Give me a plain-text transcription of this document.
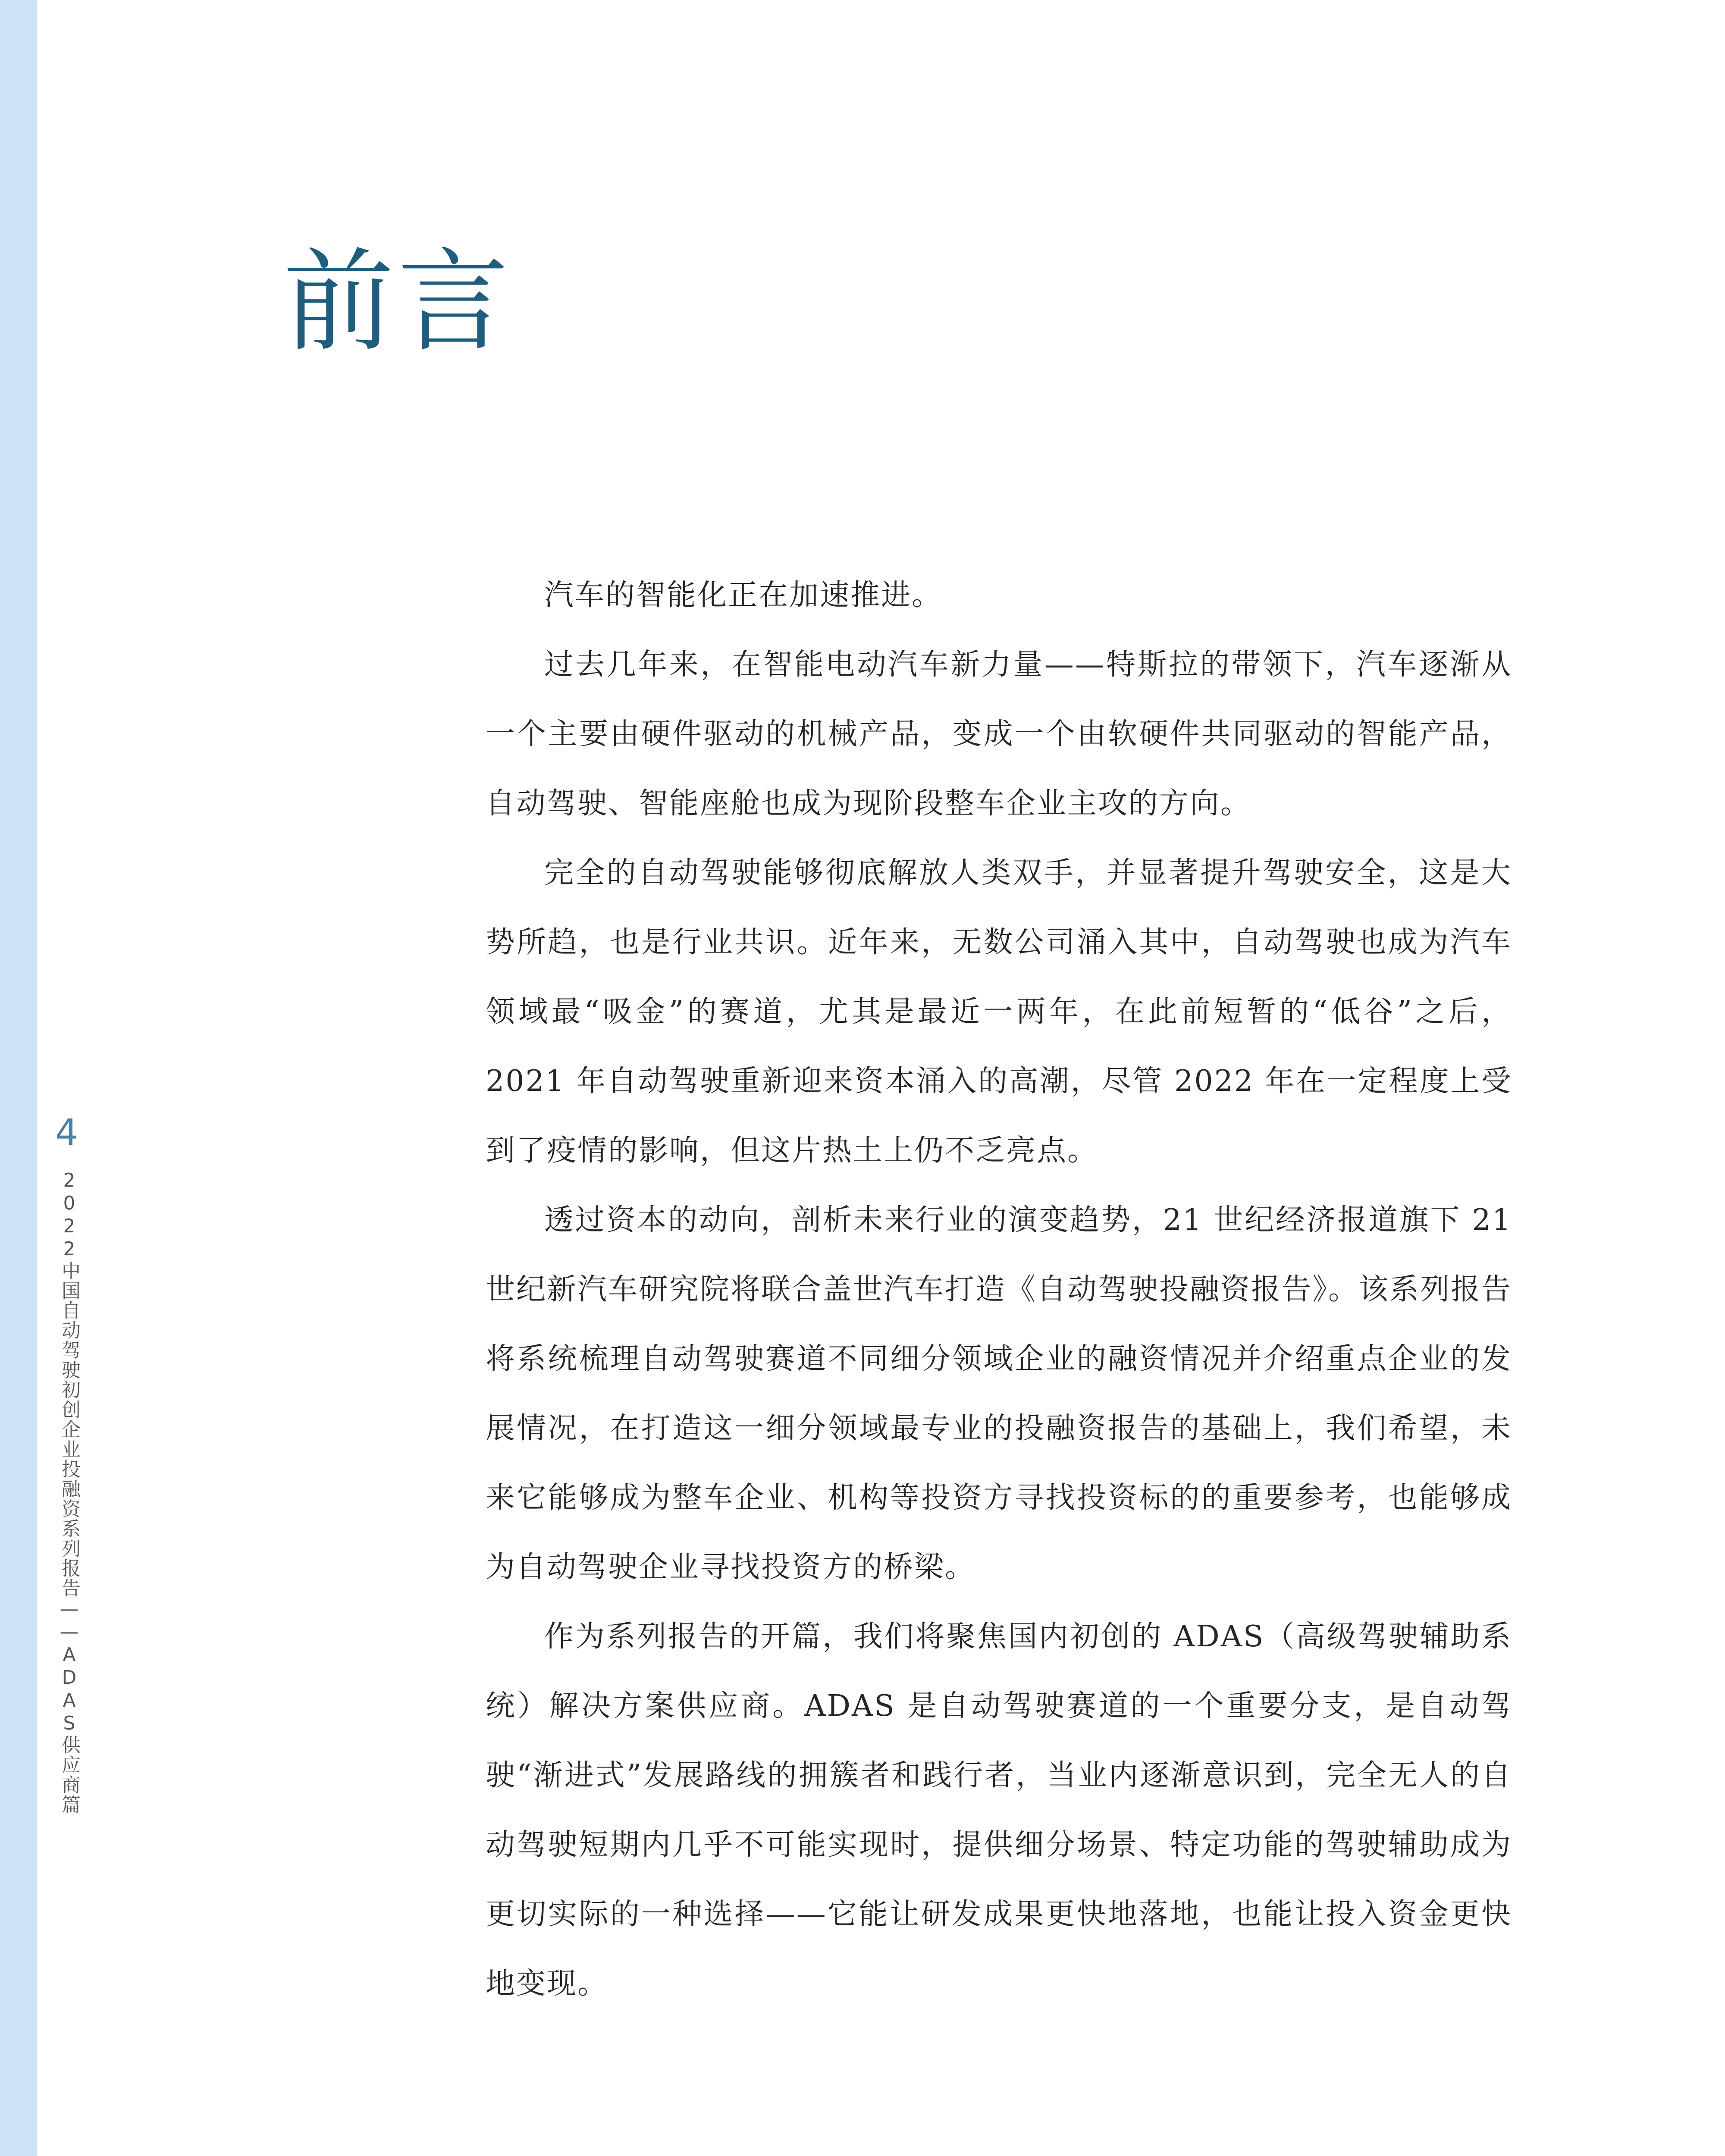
前言
4
2022中国自动驾驶初创企业投融资系列报告——ADAS供应商篇

汽车的智能化正在加速推进。

过去几年来，在智能电动汽车新力量——特斯拉的带领下，汽车逐渐从一个主要由硬件驱动的机械产品，变成一个由软硬件共同驱动的智能产品，自动驾驶、智能座舱也成为现阶段整车企业主攻的方向。

完全的自动驾驶能够彻底解放人类双手，并显著提升驾驶安全，这是大势所趋，也是行业共识。近年来，无数公司涌入其中，自动驾驶也成为汽车领域最“吸金”的赛道，尤其是最近一两年，在此前短暂的“低谷”之后，2021 年自动驾驶重新迎来资本涌入的高潮，尽管 2022 年在一定程度上受到了疫情的影响，但这片热土上仍不乏亮点。

透过资本的动向，剖析未来行业的演变趋势，21 世纪经济报道旗下 21 世纪新汽车研究院将联合盖世汽车打造《自动驾驶投融资报告》。该系列报告将系统梳理自动驾驶赛道不同细分领域企业的融资情况并介绍重点企业的发展情况，在打造这一细分领域最专业的投融资报告的基础上，我们希望，未来它能够成为整车企业、机构等投资方寻找投资标的的重要参考，也能够成为自动驾驶企业寻找投资方的桥梁。

作为系列报告的开篇，我们将聚焦国内初创的 ADAS（高级驾驶辅助系统）解决方案供应商。ADAS 是自动驾驶赛道的一个重要分支，是自动驾驶“渐进式”发展路线的拥簇者和践行者，当业内逐渐意识到，完全无人的自动驾驶短期内几乎不可能实现时，提供细分场景、特定功能的驾驶辅助成为更切实际的一种选择——它能让研发成果更快地落地，也能让投入资金更快地变现。
